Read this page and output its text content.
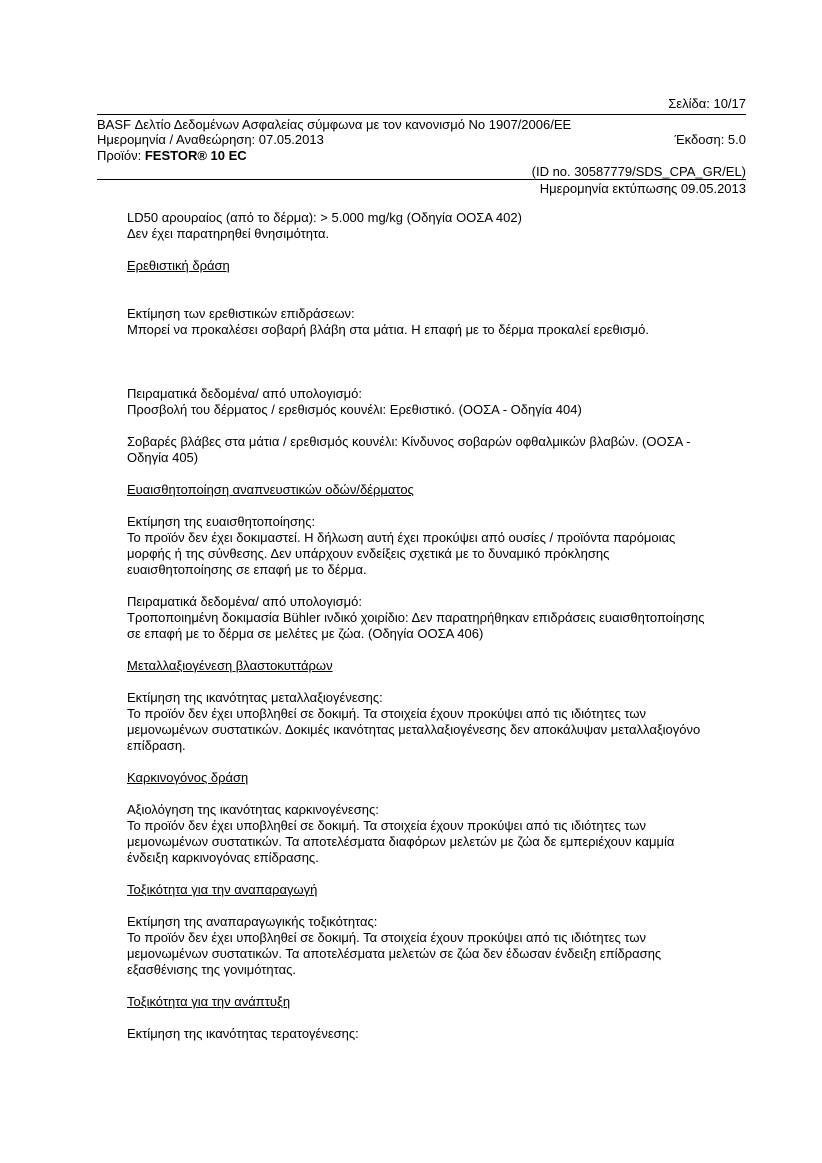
Σελίδα: 10/17
BASF Δελτίο Δεδομένων Ασφαλείας σύμφωνα με τον κανονισμό No 1907/2006/ΕΕ
Ημερομηνία / Αναθεώρηση: 07.05.2013	Έκδοση: 5.0
Προϊόν: FESTOR® 10 EC
(ID no. 30587779/SDS_CPA_GR/EL)
Ημερομηνία εκτύπωσης 09.05.2013
LD50 αρουραίος (από το δέρμα): > 5.000 mg/kg (Οδηγία ΟΟΣΑ 402)
Δεν έχει παρατηρηθεί θνησιμότητα.
Ερεθιστική δράση
Εκτίμηση των ερεθιστικών επιδράσεων:
Μπορεί να προκαλέσει σοβαρή βλάβη στα μάτια. Η επαφή με το δέρμα προκαλεί ερεθισμό.
Πειραματικά δεδομένα/ από υπολογισμό:
Προσβολή του δέρματος / ερεθισμός κουνέλι: Ερεθιστικό. (ΟΟΣΑ - Οδηγία 404)
Σοβαρές βλάβες στα μάτια / ερεθισμός κουνέλι: Κίνδυνος σοβαρών οφθαλμικών βλαβών. (ΟΟΣΑ -
Οδηγία 405)
Ευαισθητοποίηση αναπνευστικών οδών/δέρματος
Εκτίμηση της ευαισθητοποίησης:
Το προϊόν δεν έχει δοκιμαστεί. Η δήλωση αυτή έχει προκύψει από ουσίες / προϊόντα παρόμοιας
μορφής ή της σύνθεσης. Δεν υπάρχουν ενδείξεις σχετικά με το δυναμικό πρόκλησης
ευαισθητοποίησης σε επαφή με το δέρμα.
Πειραματικά δεδομένα/ από υπολογισμό:
Τροποποιημένη δοκιμασία Bühler ινδικό χοιρίδιο: Δεν παρατηρήθηκαν επιδράσεις ευαισθητοποίησης
σε επαφή με το δέρμα σε μελέτες με ζώα. (Οδηγία ΟΟΣΑ 406)
Μεταλλαξιογένεση βλαστοκυττάρων
Εκτίμηση της ικανότητας μεταλλαξιογένεσης:
Το προϊόν δεν έχει υποβληθεί σε δοκιμή. Τα στοιχεία έχουν προκύψει από τις ιδιότητες των
μεμονωμένων συστατικών. Δοκιμές ικανότητας μεταλλαξιογένεσης δεν αποκάλυψαν μεταλλαξιογόνο
επίδραση.
Καρκινογόνος δράση
Αξιολόγηση της ικανότητας καρκινογένεσης:
Το προϊόν δεν έχει υποβληθεί σε δοκιμή. Τα στοιχεία έχουν προκύψει από τις ιδιότητες των
μεμονωμένων συστατικών. Τα αποτελέσματα διαφόρων μελετών με ζώα δε εμπεριέχουν καμμία
ένδειξη καρκινογόνας επίδρασης.
Τοξικότητα για την αναπαραγωγή
Εκτίμηση της αναπαραγωγικής τοξικότητας:
Το προϊόν δεν έχει υποβληθεί σε δοκιμή. Τα στοιχεία έχουν προκύψει από τις ιδιότητες των
μεμονωμένων συστατικών. Τα αποτελέσματα μελετών σε ζώα δεν έδωσαν ένδειξη επίδρασης
εξασθένισης της γονιμότητας.
Τοξικότητα για την ανάπτυξη
Εκτίμηση της ικανότητας τερατογένεσης:
